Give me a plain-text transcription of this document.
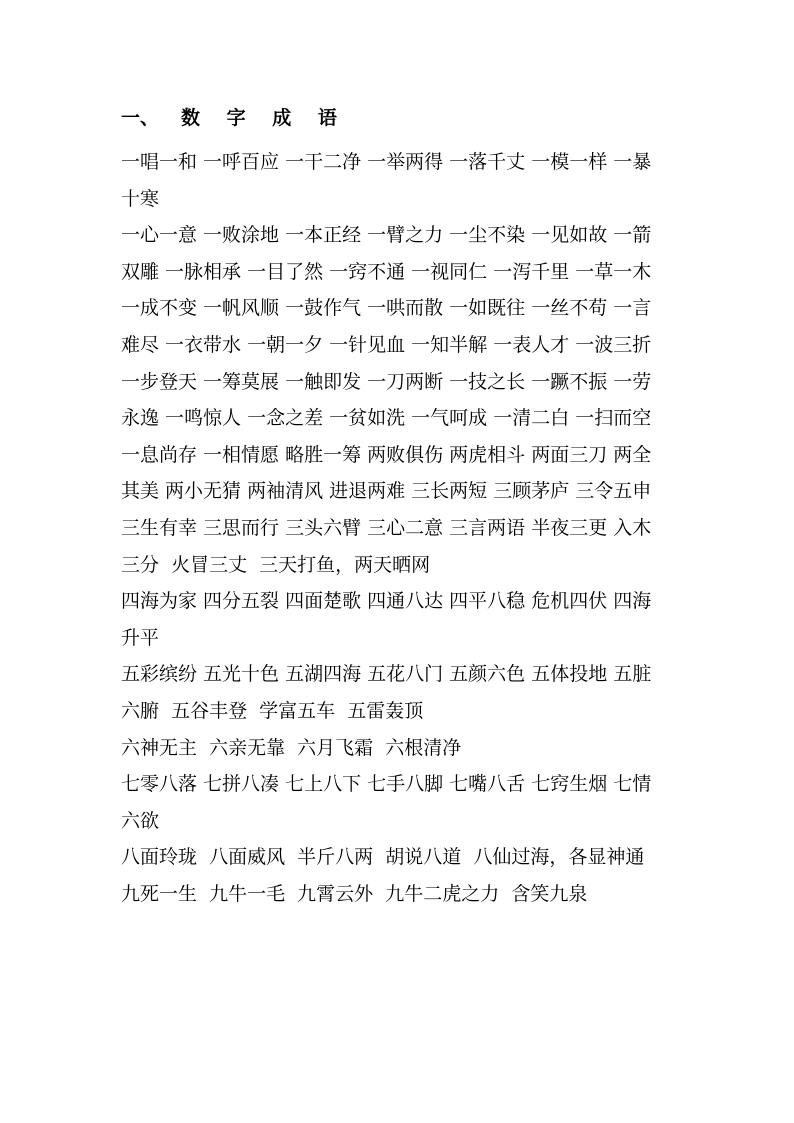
一、 数 字 成 语
一唱一和 一呼百应 一干二净 一举两得 一落千丈 一模一样 一暴
十寒
一心一意 一败涂地 一本正经 一臂之力 一尘不染 一见如故 一箭
双雕 一脉相承 一目了然 一窍不通 一视同仁 一泻千里 一草一木
一成不变 一帆风顺 一鼓作气 一哄而散 一如既往 一丝不苟 一言
难尽 一衣带水 一朝一夕 一针见血 一知半解 一表人才 一波三折
一步登天 一筹莫展 一触即发 一刀两断 一技之长 一蹶不振 一劳
永逸 一鸣惊人 一念之差 一贫如洗 一气呵成 一清二白 一扫而空
一息尚存 一相情愿 略胜一筹 两败俱伤 两虎相斗 两面三刀 两全
其美 两小无猜 两袖清风 进退两难 三长两短 三顾茅庐 三令五申
三生有幸 三思而行 三头六臂 三心二意 三言两语 半夜三更 入木
三分  火冒三丈  三天打鱼，两天晒网
四海为家 四分五裂 四面楚歌 四通八达 四平八稳 危机四伏 四海
升平
五彩缤纷 五光十色 五湖四海 五花八门 五颜六色 五体投地 五脏
六腑  五谷丰登  学富五车  五雷轰顶
六神无主  六亲无靠  六月飞霜  六根清净
七零八落 七拼八凑 七上八下 七手八脚 七嘴八舌 七窍生烟 七情
六欲
八面玲珑  八面威风  半斤八两  胡说八道  八仙过海，各显神通
九死一生  九牛一毛  九霄云外  九牛二虎之力  含笑九泉
